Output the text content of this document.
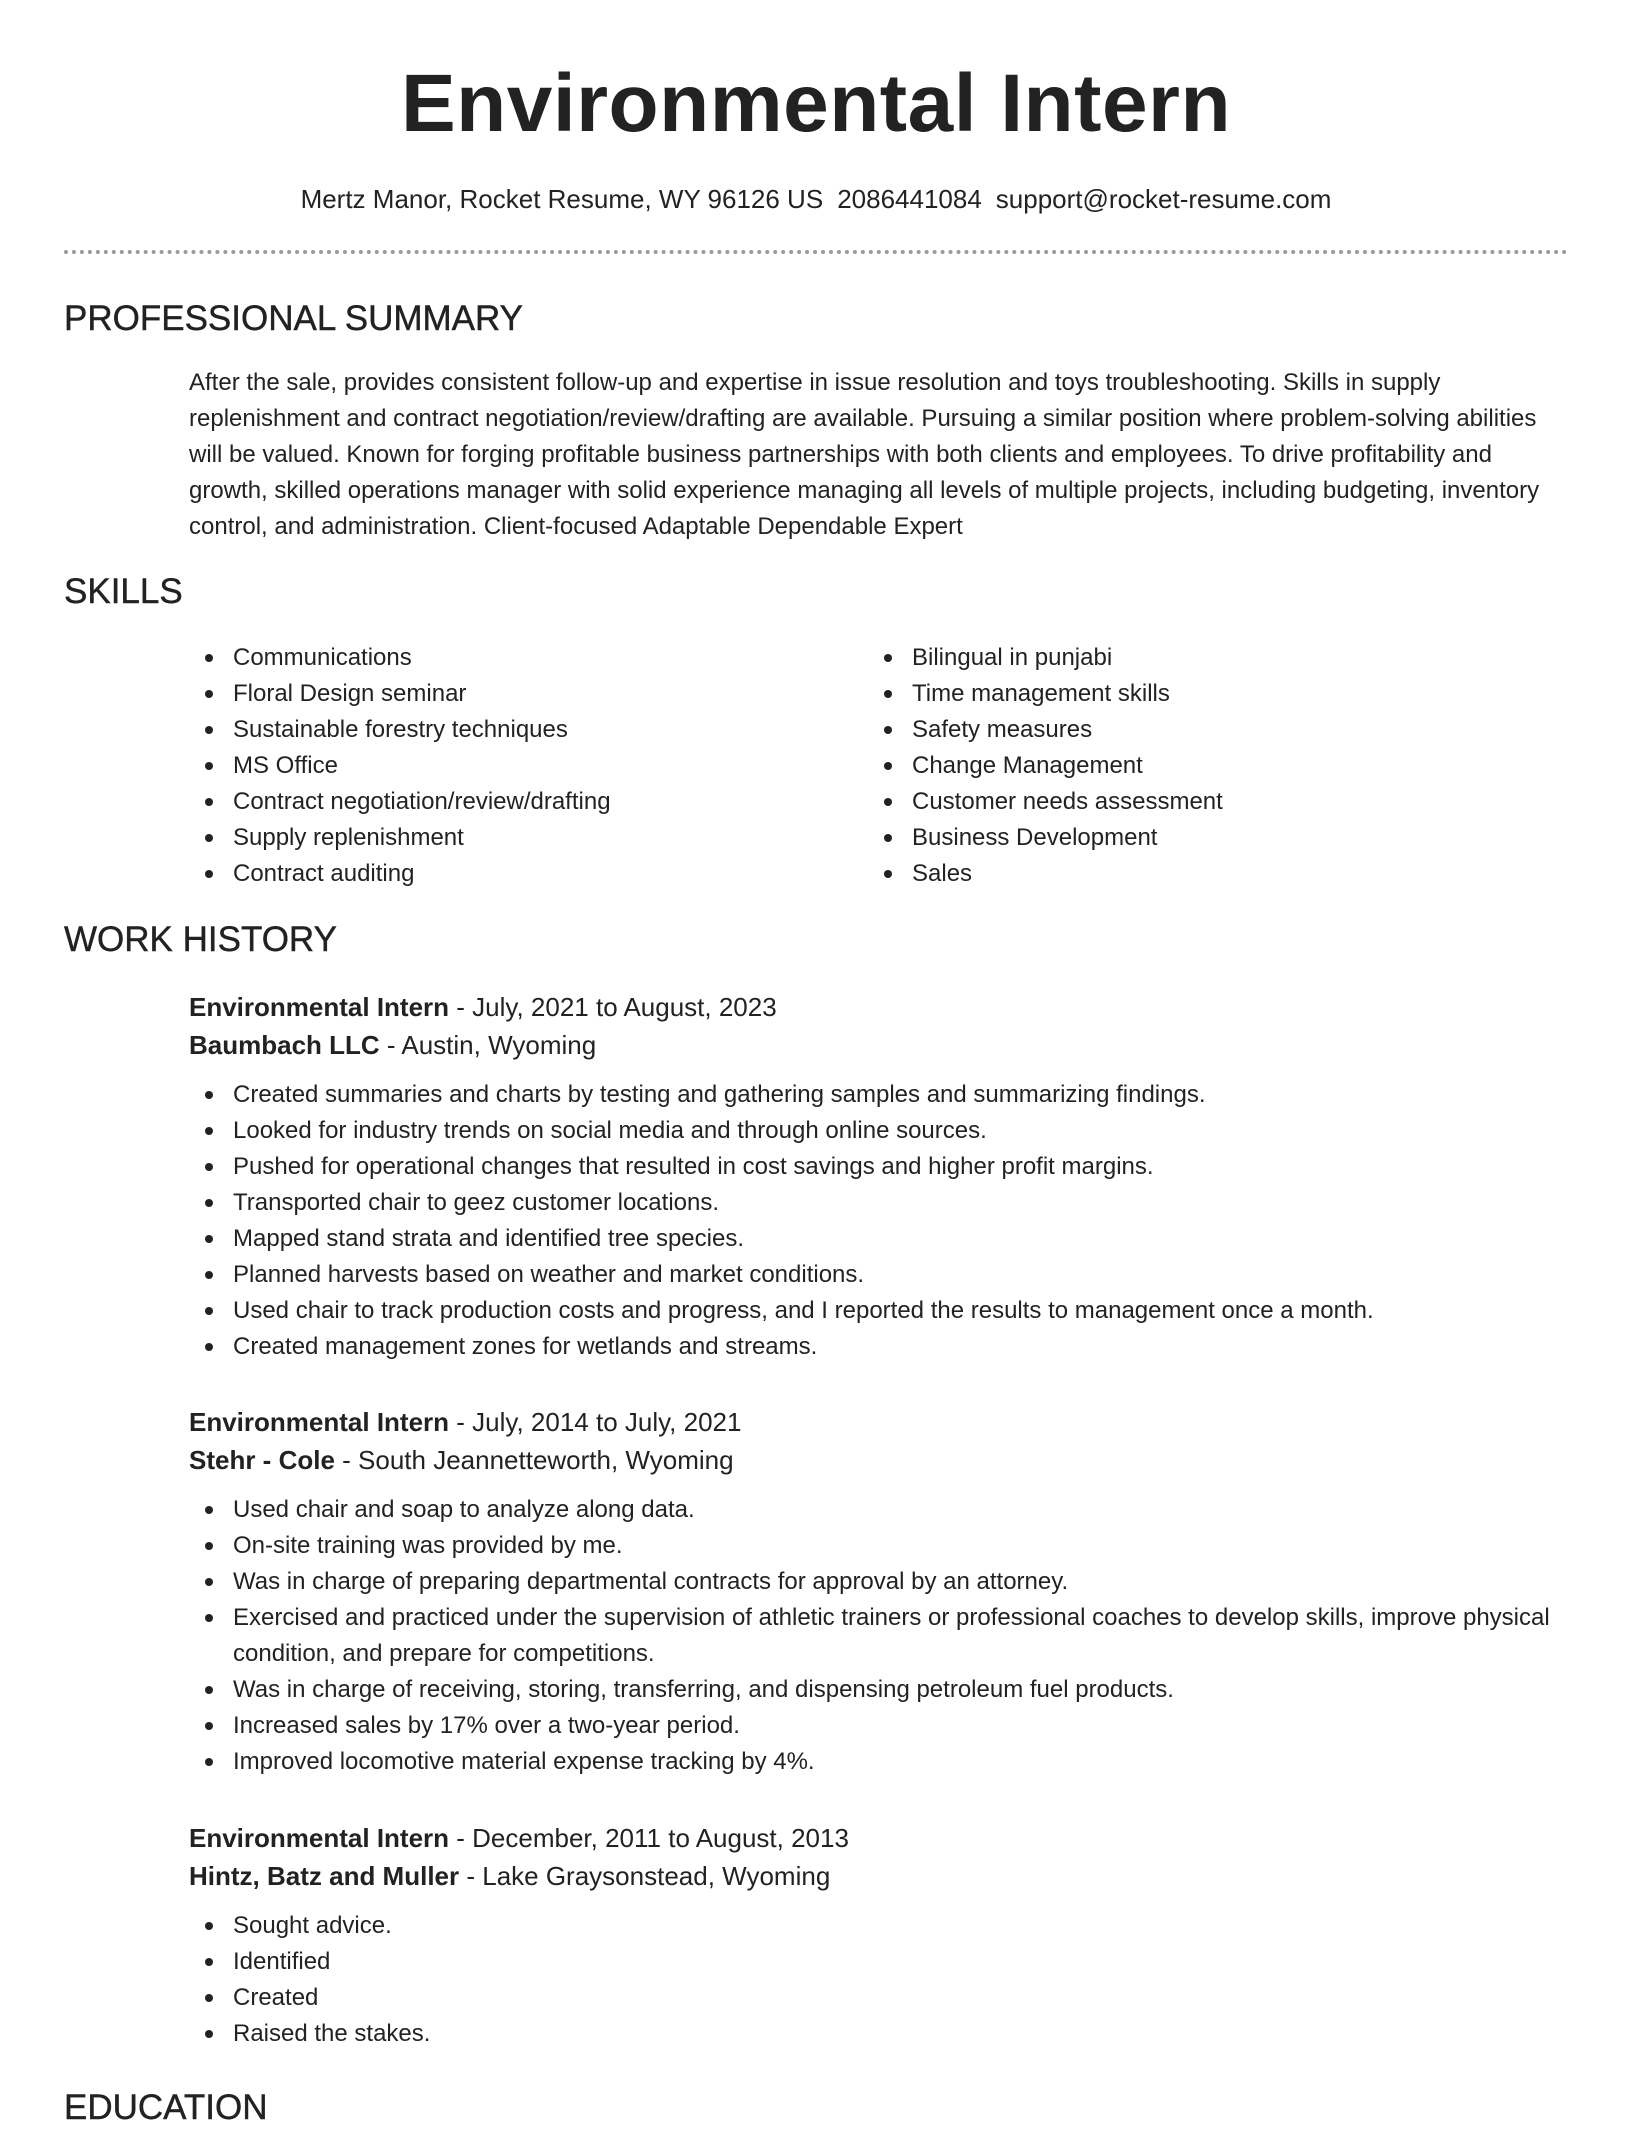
Environmental Intern
Mertz Manor, Rocket Resume, WY 96126 US 2086441084 support@rocket-resume.com
PROFESSIONAL SUMMARY
After the sale, provides consistent follow-up and expertise in issue resolution and toys troubleshooting. Skills in supply replenishment and contract negotiation/review/drafting are available. Pursuing a similar position where problem-solving abilities will be valued. Known for forging profitable business partnerships with both clients and employees. To drive profitability and growth, skilled operations manager with solid experience managing all levels of multiple projects, including budgeting, inventory control, and administration. Client-focused Adaptable Dependable Expert
SKILLS
Communications
Floral Design seminar
Sustainable forestry techniques
MS Office
Contract negotiation/review/drafting
Supply replenishment
Contract auditing
Bilingual in punjabi
Time management skills
Safety measures
Change Management
Customer needs assessment
Business Development
Sales
WORK HISTORY
Environmental Intern - July, 2021 to August, 2023
Baumbach LLC - Austin, Wyoming
Created summaries and charts by testing and gathering samples and summarizing findings.
Looked for industry trends on social media and through online sources.
Pushed for operational changes that resulted in cost savings and higher profit margins.
Transported chair to geez customer locations.
Mapped stand strata and identified tree species.
Planned harvests based on weather and market conditions.
Used chair to track production costs and progress, and I reported the results to management once a month.
Created management zones for wetlands and streams.
Environmental Intern - July, 2014 to July, 2021
Stehr - Cole - South Jeannetteworth, Wyoming
Used chair and soap to analyze along data.
On-site training was provided by me.
Was in charge of preparing departmental contracts for approval by an attorney.
Exercised and practiced under the supervision of athletic trainers or professional coaches to develop skills, improve physical condition, and prepare for competitions.
Was in charge of receiving, storing, transferring, and dispensing petroleum fuel products.
Increased sales by 17% over a two-year period.
Improved locomotive material expense tracking by 4%.
Environmental Intern - December, 2011 to August, 2013
Hintz, Batz and Muller - Lake Graysonstead, Wyoming
Sought advice.
Identified
Created
Raised the stakes.
EDUCATION
